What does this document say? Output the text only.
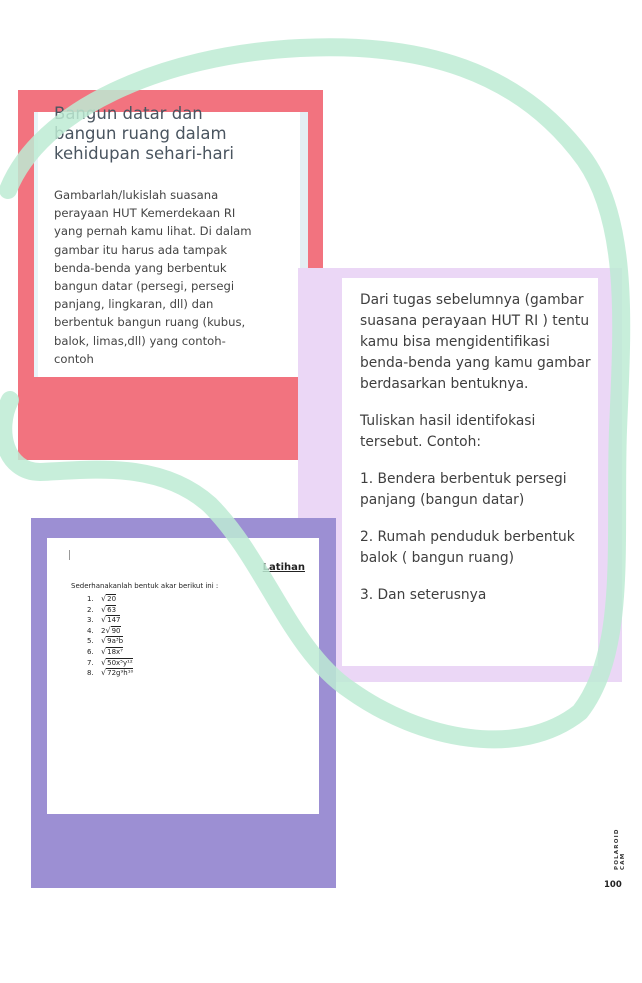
Bangun datar dan bangun ruang dalam kehidupan sehari-hari
Gambarlah/lukislah suasana perayaan HUT Kemerdekaan RI yang pernah kamu lihat. Di dalam gambar itu harus ada tampak benda-benda yang berbentuk bangun datar (persegi, persegi panjang, lingkaran, dll) dan berbentuk bangun ruang (kubus, balok, limas,dll) yang contoh-contoh
Dari tugas sebelumnya (gambar suasana perayaan HUT RI ) tentu kamu bisa mengidentifikasi benda-benda yang kamu gambar berdasarkan bentuknya.
Tuliskan hasil identifokasi tersebut. Contoh:
1. Bendera berbentuk persegi panjang (bangun datar)
2. Rumah penduduk berbentuk balok ( bangun ruang)
3. Dan seterusnya
Latihan
Sederhanakanlah bentuk akar berikut ini :
1. √20
2. √63
3. √147
4. 2√90
5. √9a³b
6. √18x⁷
7. √50x⁵y¹²
8. √72g⁹h¹⁰
POLAROID CAM
100
